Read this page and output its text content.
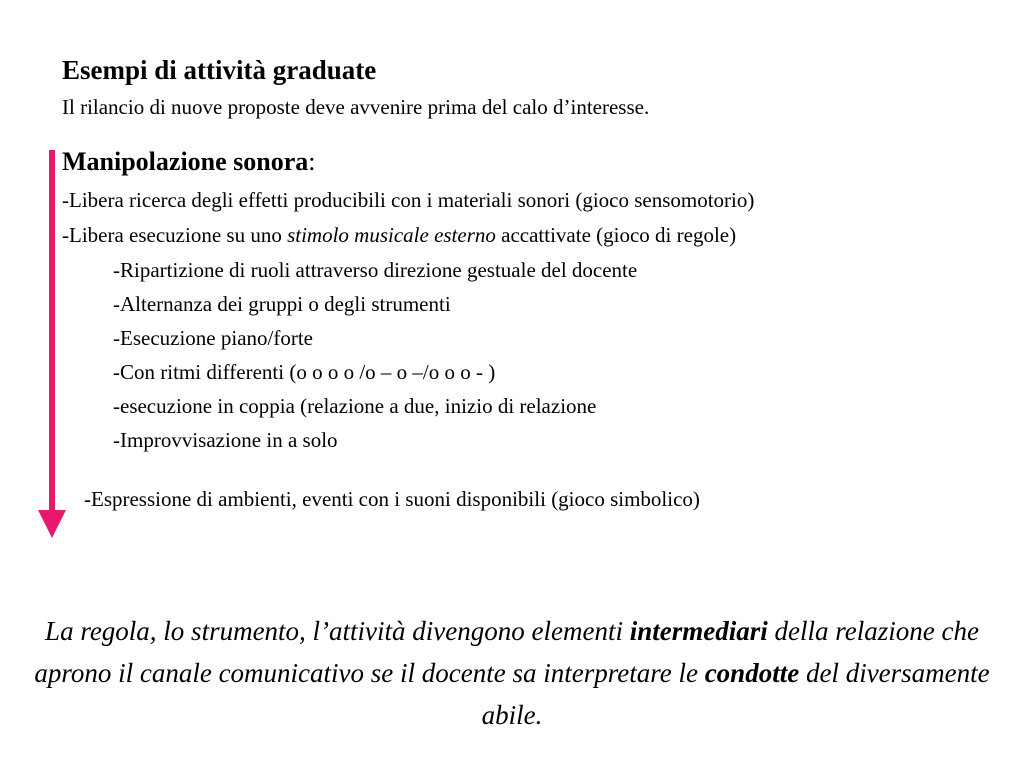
Esempi di attività graduate
Il rilancio di nuove proposte deve avvenire prima del calo d’interesse.
Manipolazione sonora:
-Libera ricerca degli effetti producibili con i materiali sonori (gioco sensomotorio)
-Libera esecuzione su uno stimolo musicale esterno accattivate (gioco di regole)
-Ripartizione di ruoli attraverso direzione gestuale del docente
-Alternanza dei gruppi o degli strumenti
-Esecuzione piano/forte
-Con ritmi differenti (o o o o /o – o –/o o o - )
-esecuzione in coppia (relazione a due, inizio di relazione
-Improvvisazione in a solo
-Espressione di ambienti, eventi con i suoni disponibili (gioco simbolico)
La regola, lo strumento, l’attività divengono elementi intermediari della relazione che aprono il canale comunicativo se il docente sa interpretare le condotte del diversamente abile.
